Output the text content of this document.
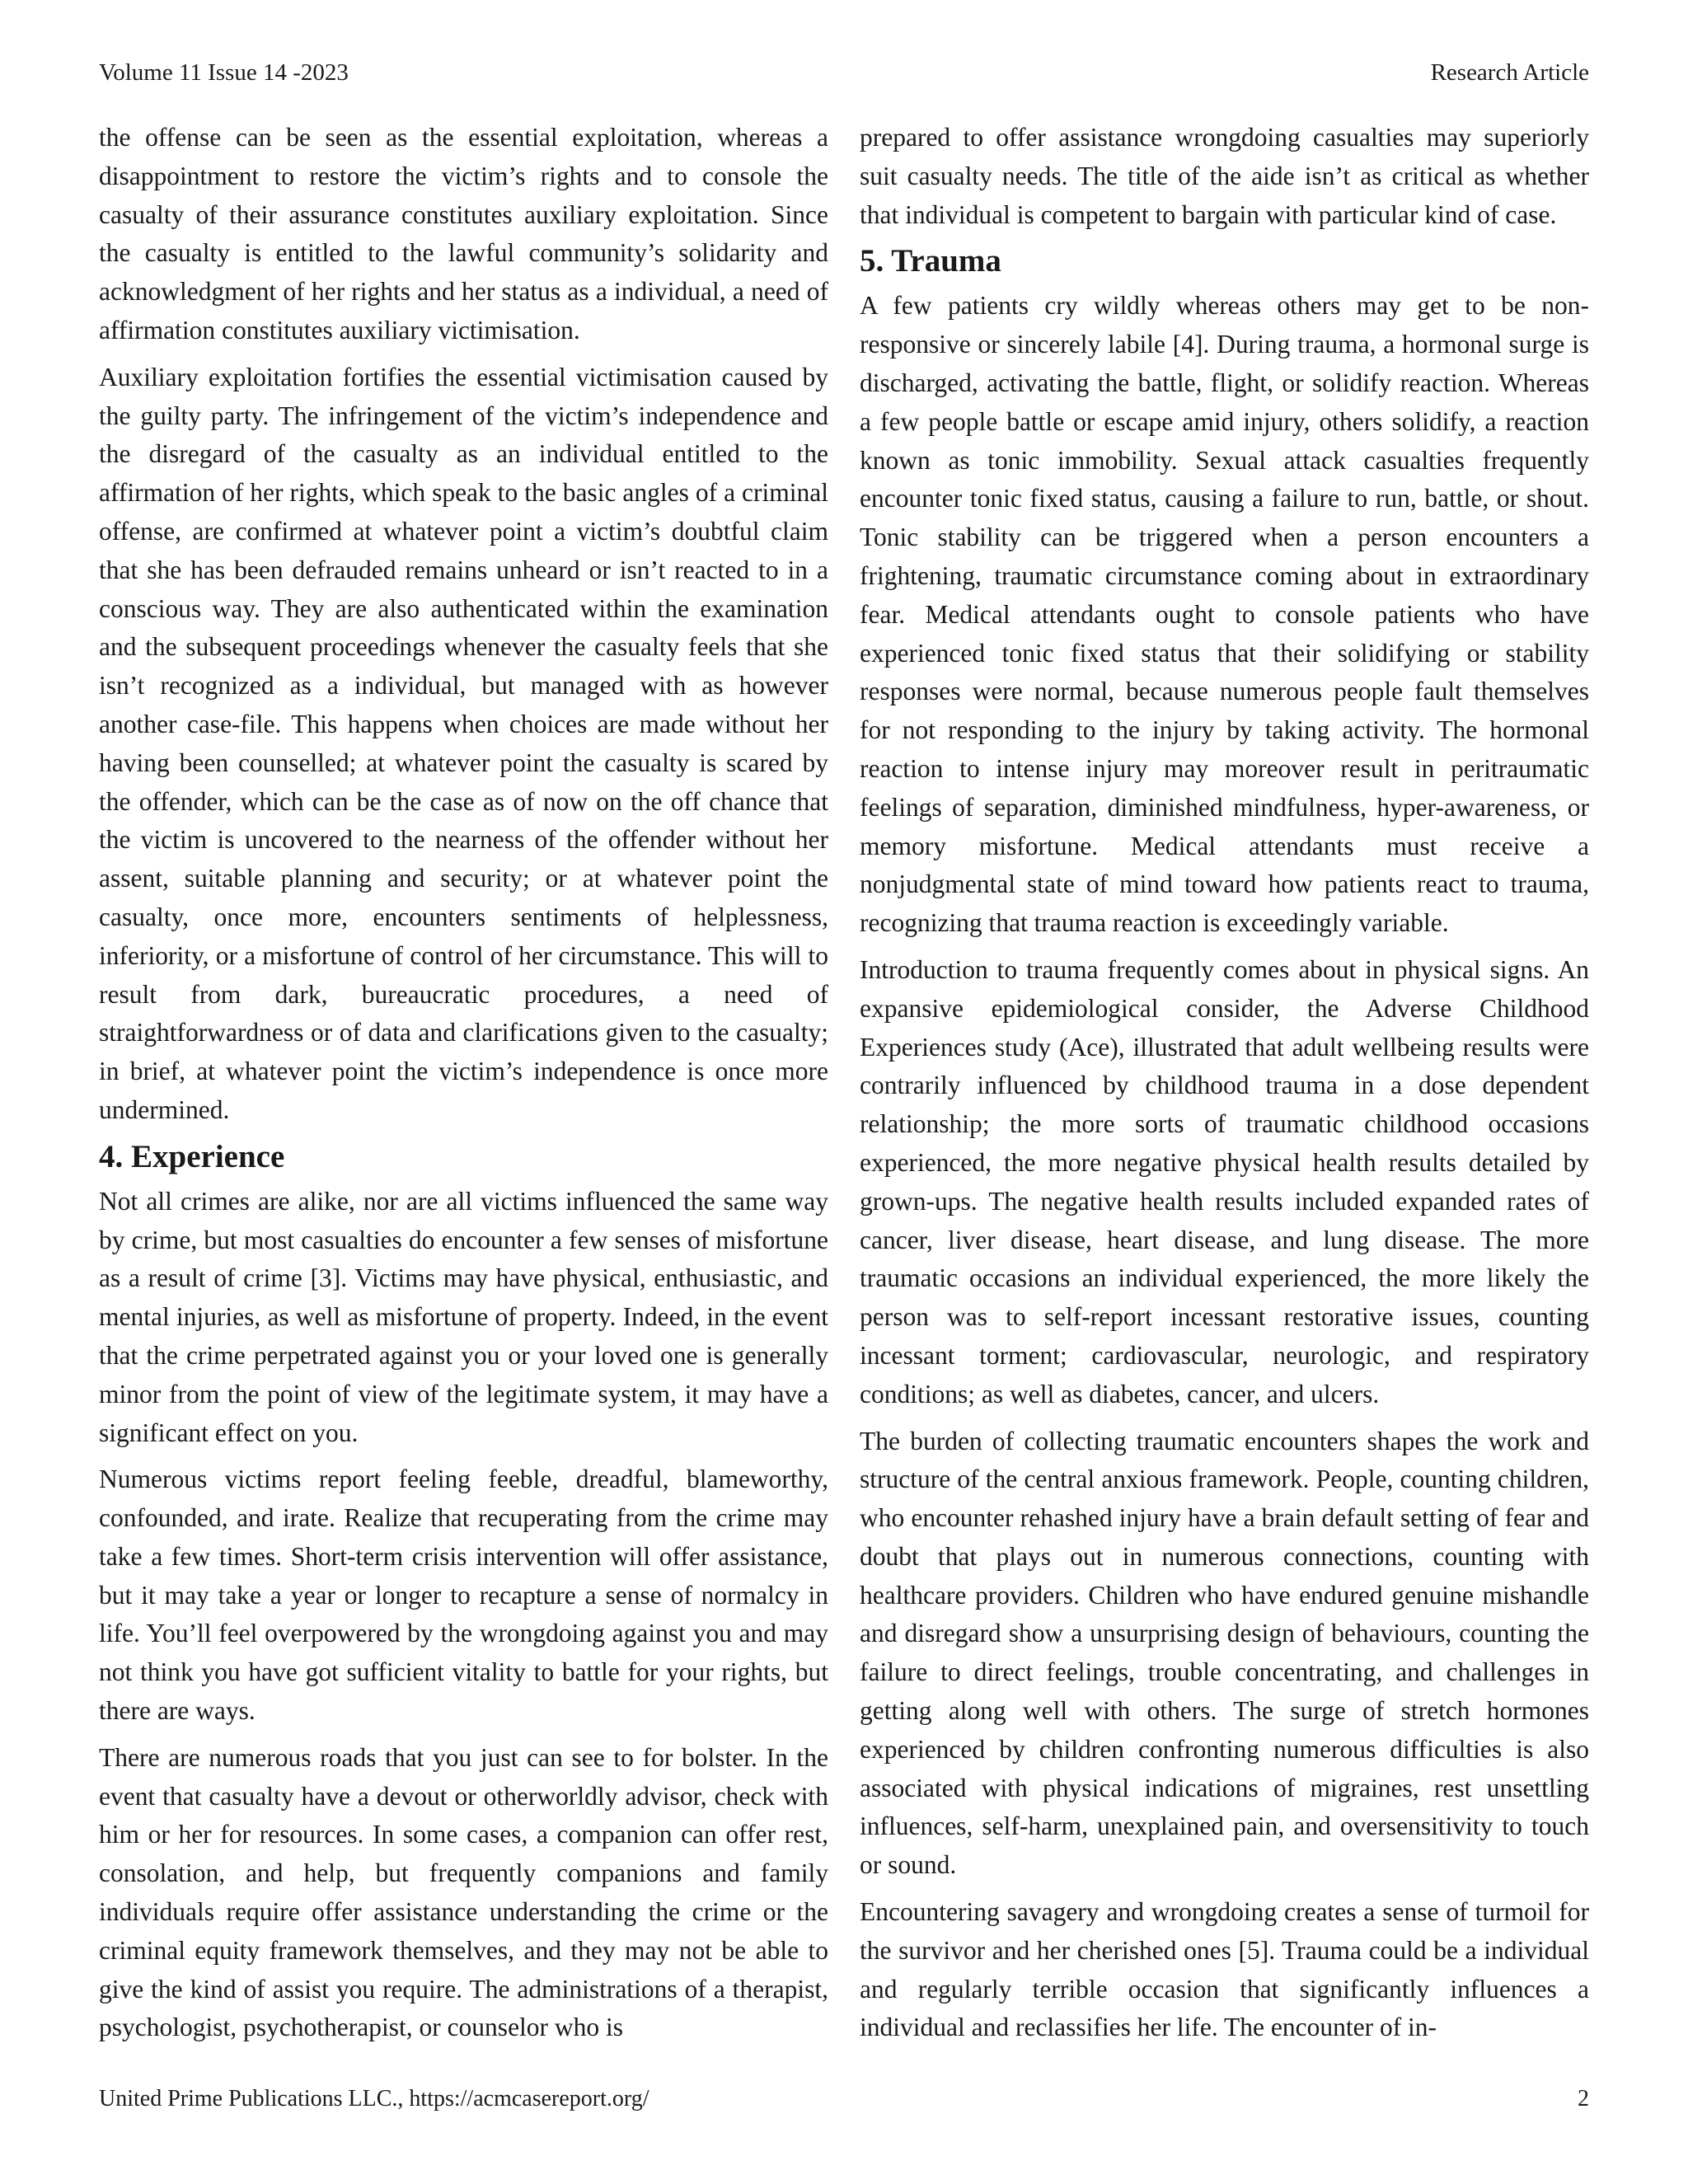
Volume 11 Issue 14 -2023	Research Article

the offense can be seen as the essential exploitation, whereas a disappointment to restore the victim’s rights and to console the casualty of their assurance constitutes auxiliary exploitation. Since the casualty is entitled to the lawful community’s solidarity and acknowledgment of her rights and her status as a individual, a need of affirmation constitutes auxiliary victimisation.

Auxiliary exploitation fortifies the essential victimisation caused by the guilty party. The infringement of the victim’s independence and the disregard of the casualty as an individual entitled to the affirmation of her rights, which speak to the basic angles of a criminal offense, are confirmed at whatever point a victim’s doubtful claim that she has been defrauded remains unheard or isn’t reacted to in a conscious way. They are also authenticated within the examination and the subsequent proceedings whenever the casualty feels that she isn’t recognized as a individual, but managed with as however another case-file. This happens when choices are made without her having been counselled; at whatever point the casualty is scared by the offender, which can be the case as of now on the off chance that the victim is uncovered to the nearness of the offender without her assent, suitable planning and security; or at whatever point the casualty, once more, encounters sentiments of helplessness, inferiority, or a misfortune of control of her circumstance. This will to result from dark, bureaucratic procedures, a need of straightforwardness or of data and clarifications given to the casualty; in brief, at whatever point the victim’s independence is once more undermined.

4. Experience

Not all crimes are alike, nor are all victims influenced the same way by crime, but most casualties do encounter a few senses of misfortune as a result of crime [3]. Victims may have physical, enthusiastic, and mental injuries, as well as misfortune of property. Indeed, in the event that the crime perpetrated against you or your loved one is generally minor from the point of view of the legitimate system, it may have a significant effect on you.

Numerous victims report feeling feeble, dreadful, blameworthy, confounded, and irate. Realize that recuperating from the crime may take a few times. Short-term crisis intervention will offer assistance, but it may take a year or longer to recapture a sense of normalcy in life. You’ll feel overpowered by the wrongdoing against you and may not think you have got sufficient vitality to battle for your rights, but there are ways.

There are numerous roads that you just can see to for bolster. In the event that casualty have a devout or otherworldly advisor, check with him or her for resources. In some cases, a companion can offer rest, consolation, and help, but frequently companions and family individuals require offer assistance understanding the crime or the criminal equity framework themselves, and they may not be able to give the kind of assist you require. The administrations of a therapist, psychologist, psychotherapist, or counselor who is

prepared to offer assistance wrongdoing casualties may superiorly suit casualty needs. The title of the aide isn’t as critical as whether that individual is competent to bargain with particular kind of case.

5. Trauma

A few patients cry wildly whereas others may get to be non-responsive or sincerely labile [4]. During trauma, a hormonal surge is discharged, activating the battle, flight, or solidify reaction. Whereas a few people battle or escape amid injury, others solidify, a reaction known as tonic immobility. Sexual attack casualties frequently encounter tonic fixed status, causing a failure to run, battle, or shout. Tonic stability can be triggered when a person encounters a frightening, traumatic circumstance coming about in extraordinary fear. Medical attendants ought to console patients who have experienced tonic fixed status that their solidifying or stability responses were normal, because numerous people fault themselves for not responding to the injury by taking activity. The hormonal reaction to intense injury may moreover result in peritraumatic feelings of separation, diminished mindfulness, hyper-awareness, or memory misfortune. Medical attendants must receive a nonjudgmental state of mind toward how patients react to trauma, recognizing that trauma reaction is exceedingly variable.

Introduction to trauma frequently comes about in physical signs. An expansive epidemiological consider, the Adverse Childhood Experiences study (Ace), illustrated that adult wellbeing results were contrarily influenced by childhood trauma in a dose dependent relationship; the more sorts of traumatic childhood occasions experienced, the more negative physical health results detailed by grown-ups. The negative health results included expanded rates of cancer, liver disease, heart disease, and lung disease. The more traumatic occasions an individual experienced, the more likely the person was to self-report incessant restorative issues, counting incessant torment; cardiovascular, neurologic, and respiratory conditions; as well as diabetes, cancer, and ulcers.

The burden of collecting traumatic encounters shapes the work and structure of the central anxious framework. People, counting children, who encounter rehashed injury have a brain default setting of fear and doubt that plays out in numerous connections, counting with healthcare providers. Children who have endured genuine mishandle and disregard show a unsurprising design of behaviours, counting the failure to direct feelings, trouble concentrating, and challenges in getting along well with others. The surge of stretch hormones experienced by children confronting numerous difficulties is also associated with physical indications of migraines, rest unsettling influences, self-harm, unexplained pain, and oversensitivity to touch or sound.

Encountering savagery and wrongdoing creates a sense of turmoil for the survivor and her cherished ones [5]. Trauma could be a individual and regularly terrible occasion that significantly influences a individual and reclassifies her life. The encounter of in-

United Prime Publications LLC., https://acmcasereport.org/	2
